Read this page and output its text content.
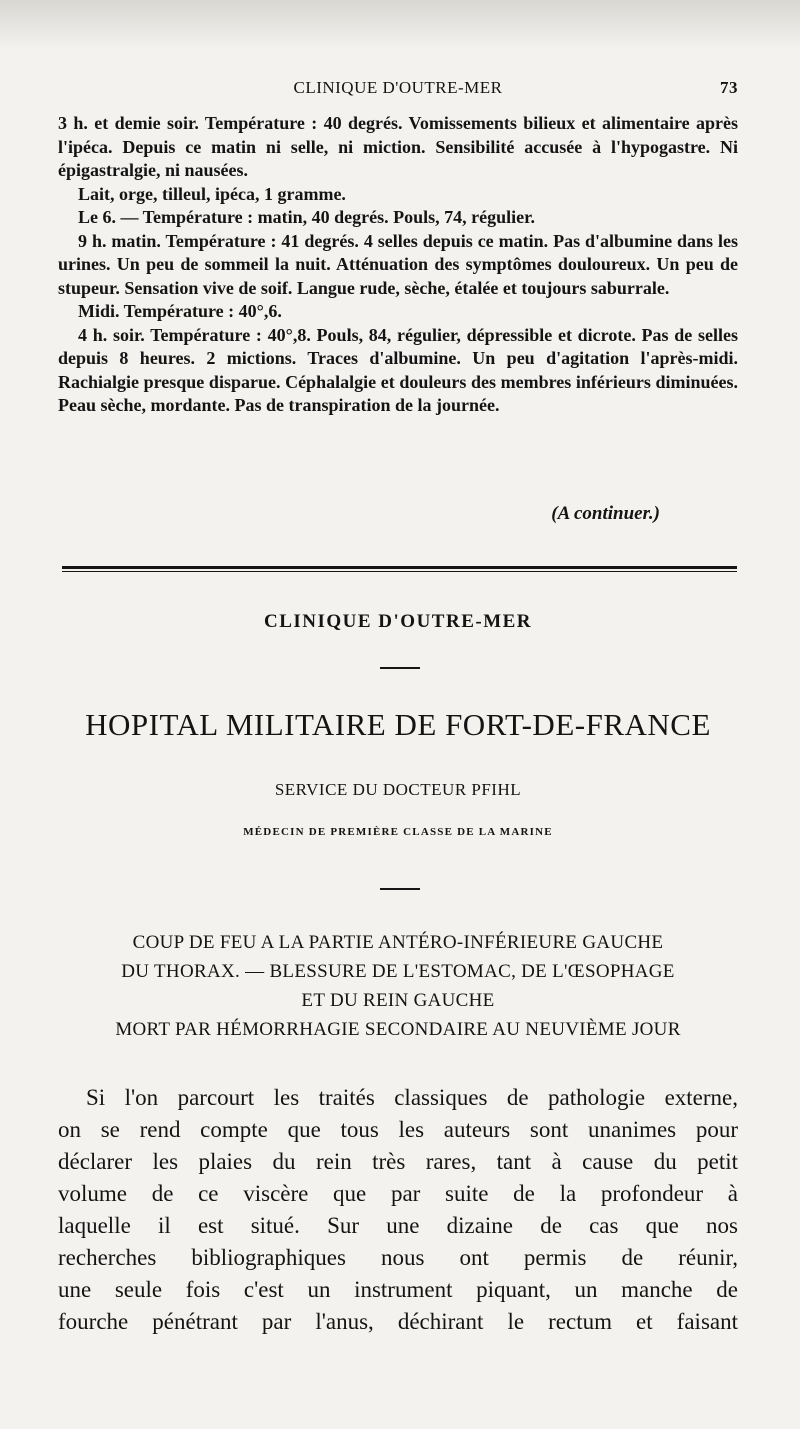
CLINIQUE D'OUTRE-MER	73

3 h. et demie soir. Température : 40 degrés. Vomissements bilieux et alimentaire après l'ipéca. Depuis ce matin ni selle, ni miction. Sensibilité accusée à l'hypogastre. Ni épigastralgie, ni nausées.

Lait, orge, tilleul, ipéca, 1 gramme.

Le 6. — Température : matin, 40 degrés. Pouls, 74, régulier.

9 h. matin. Température : 41 degrés. 4 selles depuis ce matin. Pas d'albumine dans les urines. Un peu de sommeil la nuit. Atténuation des symptômes douloureux. Un peu de stupeur. Sensation vive de soif. Langue rude, sèche, étalée et toujours saburrale.

Midi. Température : 40°,6.

4 h. soir. Température : 40°,8. Pouls, 84, régulier, dépressible et dicrote. Pas de selles depuis 8 heures. 2 mictions. Traces d'albumine. Un peu d'agitation l'après-midi. Rachialgie presque disparue. Céphalalgie et douleurs des membres inférieurs diminuées. Peau sèche, mordante. Pas de transpiration de la journée.

(A continuer.)
CLINIQUE D'OUTRE-MER
HOPITAL MILITAIRE DE FORT-DE-FRANCE
SERVICE DU DOCTEUR PFIHL
MÉDECIN DE PREMIÈRE CLASSE DE LA MARINE
COUP DE FEU A LA PARTIE ANTÉRO-INFÉRIEURE GAUCHE
DU THORAX. — BLESSURE DE L'ESTOMAC, DE L'ŒSOPHAGE
ET DU REIN GAUCHE
MORT PAR HÉMORRHAGIE SECONDAIRE AU NEUVIÈME JOUR
Si l'on parcourt les traités classiques de pathologie externe,
on se rend compte que tous les auteurs sont unanimes pour
déclarer les plaies du rein très rares, tant à cause du petit
volume de ce viscère que par suite de la profondeur à
laquelle il est situé. Sur une dizaine de cas que nos
recherches bibliographiques nous ont permis de réunir,
une seule fois c'est un instrument piquant, un manche de
fourche pénétrant par l'anus, déchirant le rectum et faisant
